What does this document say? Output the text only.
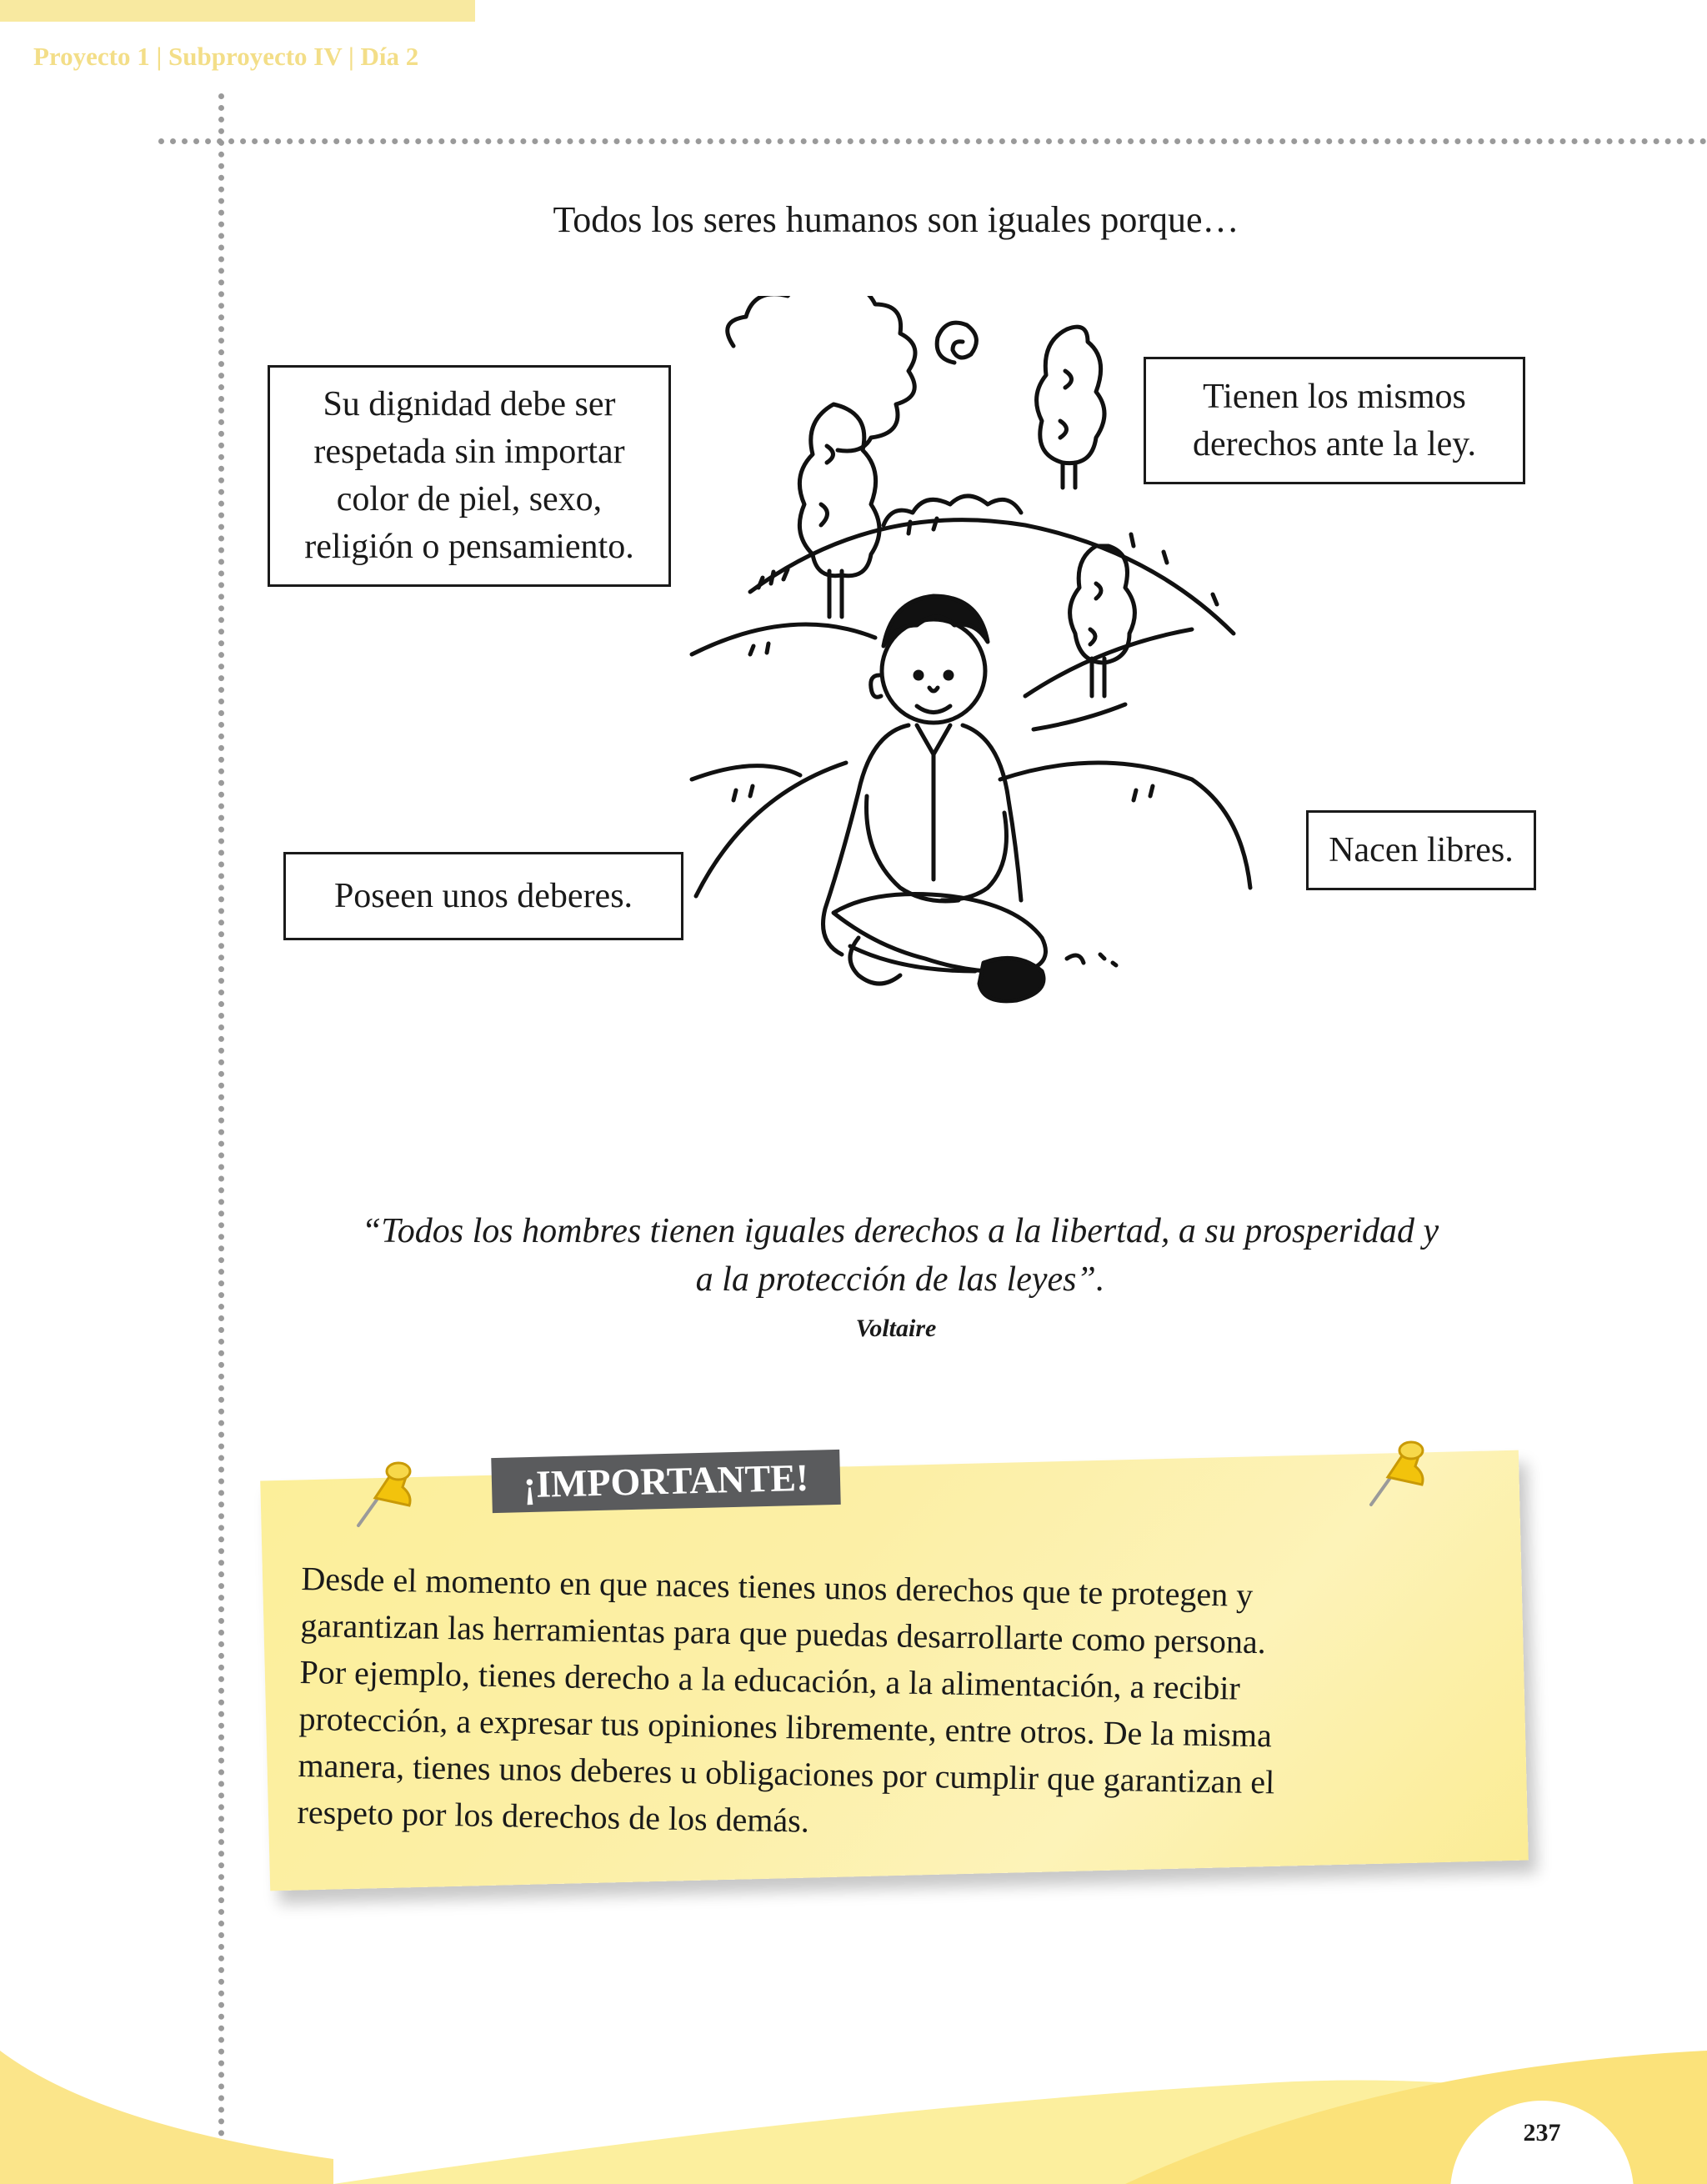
Proyecto 1 | Subproyecto IV | Día 2
Todos los seres humanos son iguales porque…
Su dignidad debe ser
respetada sin importar
color de piel, sexo,
religión o pensamiento.
Tienen los mismos
derechos ante la ley.
Poseen unos deberes.
Nacen libres.
“Todos los hombres tienen iguales derechos a la libertad, a su prosperidad y
a la protección de las leyes”.
Voltaire
¡IMPORTANTE!

Desde el momento en que naces tienes unos derechos que te protegen y

garantizan las herramientas para que puedas desarrollarte como persona.

Por ejemplo, tienes derecho a la educación, a la alimentación, a recibir

protección, a expresar tus opiniones libremente, entre otros. De la misma

manera, tienes unos deberes u obligaciones por cumplir que garantizan el

respeto por los derechos de los demás.

237
